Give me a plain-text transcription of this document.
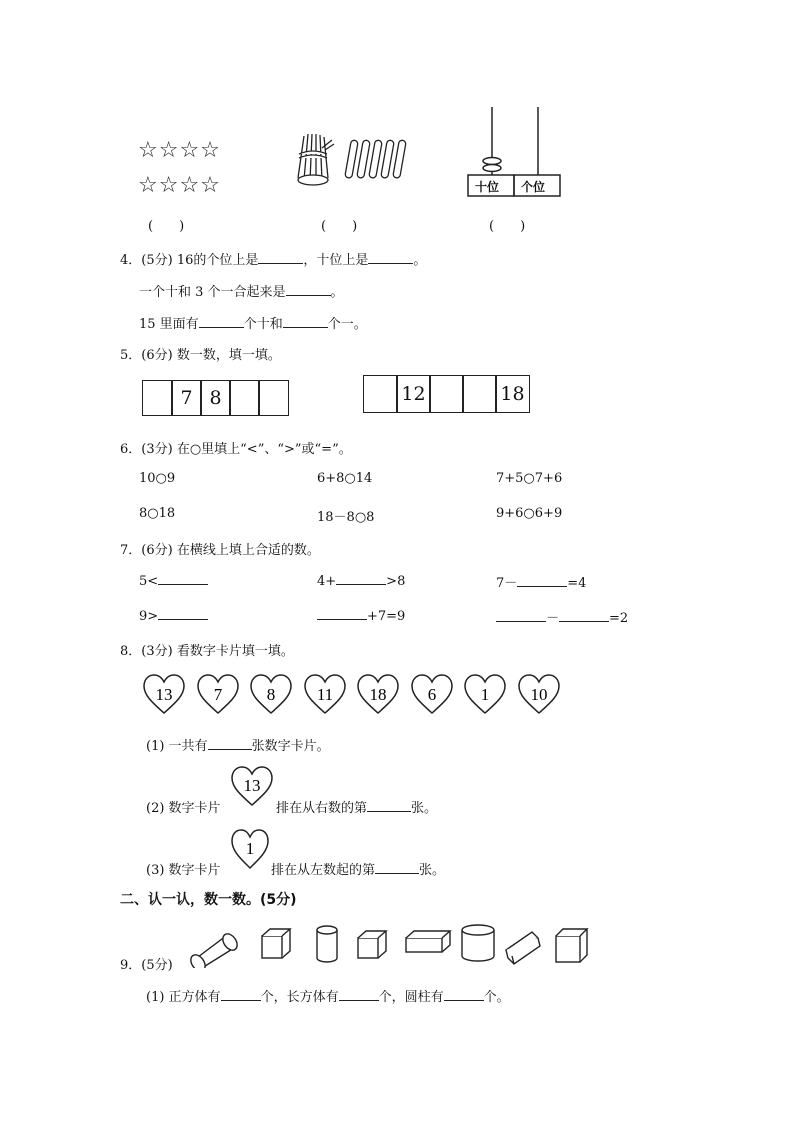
☆☆☆☆
☆☆☆☆	十位 个位
(　　)	(　　)	(　　)
4．(5分) 16的个位上是	，十位上是	。
一个十和 3 个一合起来是	。
15 里面有	个十和	个一。
5．(6分) 数一数，填一填。
7 8	12	18
6．(3分) 在○里填上“<”、“>”或“=”。
10○9	6+8○14	7+5○7+6
8○18	18－8○8	9+6○6+9
7．(6分) 在横线上填上合适的数。
5<	4+	>8	7－	=4
9>	+7=9	－	=2
8．(3分) 看数字卡片填一填。
13 7	8 11 18 6	1 10
(1) 一共有	张数字卡片。
(2) 数字卡片
13
排在从右数的第	张。
(3) 数字卡片
1
排在从左数起的第	张。
二、认一认，数一数。(5分)
9．(5分)
(1) 正方体有	个，长方体有	个，圆柱有	个。
